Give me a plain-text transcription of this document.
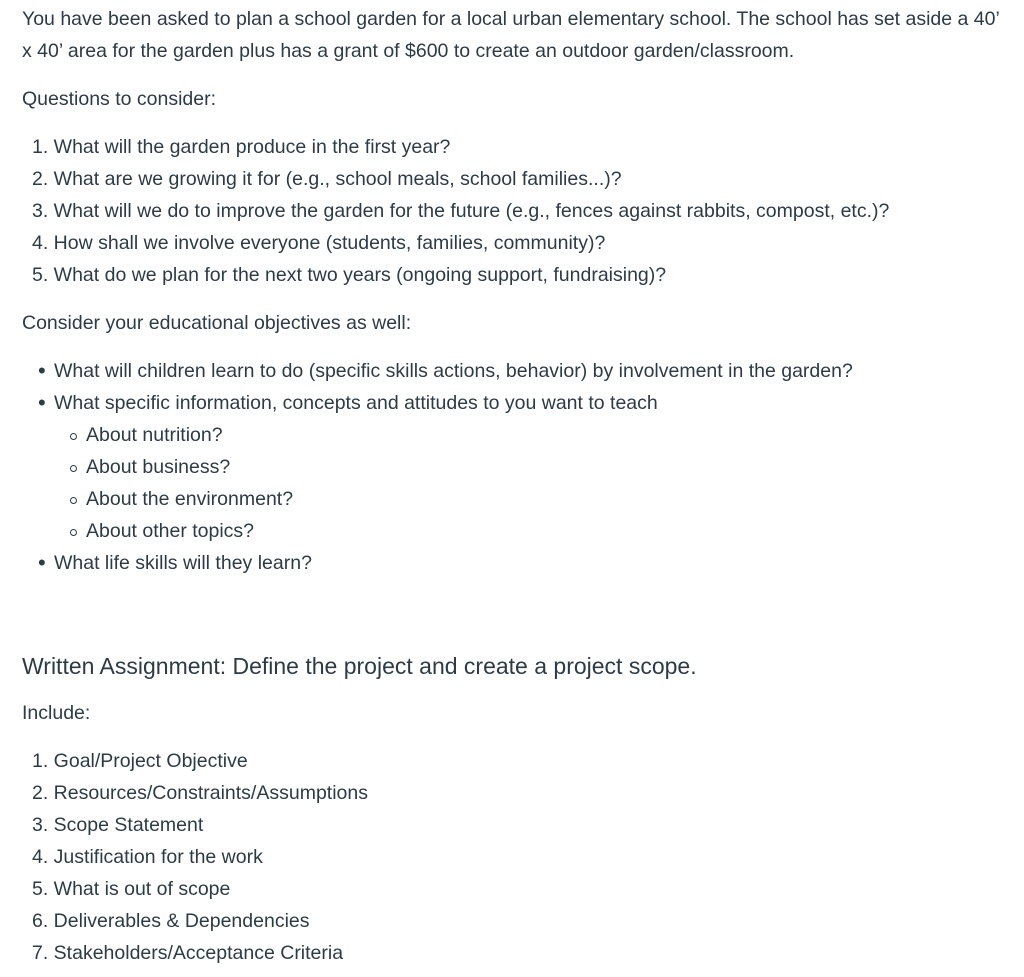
You have been asked to plan a school garden for a local urban elementary school. The school has set aside a 40’ x 40’ area for the garden plus has a grant of $600 to create an outdoor garden/classroom.

Questions to consider:

1. What will the garden produce in the first year?
2. What are we growing it for (e.g., school meals, school families...)?
3. What will we do to improve the garden for the future (e.g., fences against rabbits, compost, etc.)?
4. How shall we involve everyone (students, families, community)?
5. What do we plan for the next two years (ongoing support, fundraising)?

Consider your educational objectives as well:

• What will children learn to do (specific skills actions, behavior) by involvement in the garden?
• What specific information, concepts and attitudes to you want to teach
About nutrition?
About business?
About the environment?
About other topics?
• What life skills will they learn?
Written Assignment: Define the project and create a project scope.

Include:

1. Goal/Project Objective
2. Resources/Constraints/Assumptions
3. Scope Statement
4. Justification for the work
5. What is out of scope
6. Deliverables & Dependencies
7. Stakeholders/Acceptance Criteria
